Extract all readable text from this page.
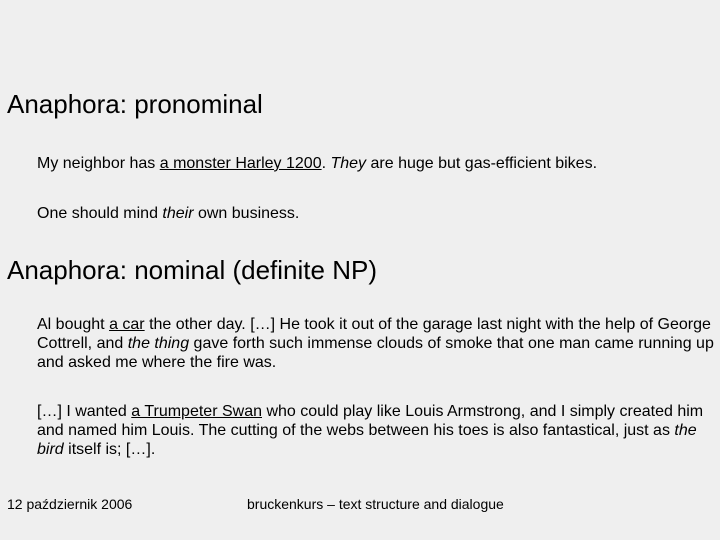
Anaphora: pronominal

My neighbor has a monster Harley 1200. They are huge but gas-efficient bikes.

One should mind their own business.

Anaphora: nominal (definite NP)

Al bought a car the other day. […] He took it out of the garage last night with the help of George Cottrell, and the thing gave forth such immense clouds of smoke that one man came running up and asked me where the fire was.

[…] I wanted a Trumpeter Swan who could play like Louis Armstrong, and I simply created him and named him Louis. The cutting of the webs between his toes is also fantastical, just as the bird itself is; […].

12 październik 2006	bruckenkurs – text structure and dialogue
